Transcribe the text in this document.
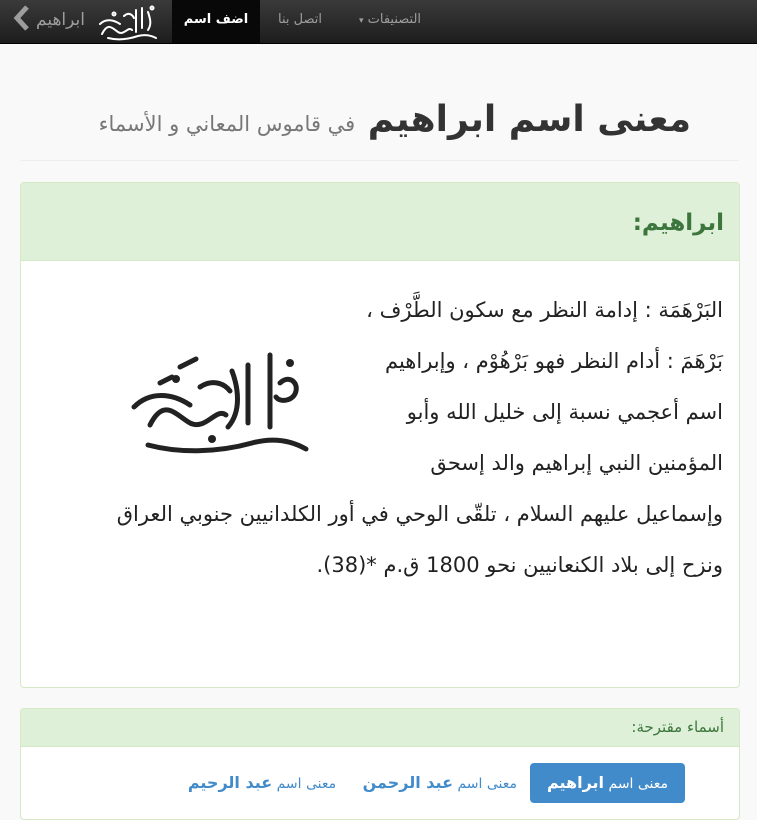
ابراهيم	اضف اسم	اتصل بنا	التصنيفات ▾
معنى اسم ابراهيم في قاموس المعاني و الأسماء
ابراهيم:
البَرْهَمَة : إدامة النظر مع سكون الطَّرْف ، بَرْهَمَ : أدام النظر فهو بَرْهُوْم ، وإبراهيم اسم أعجمي نسبة إلى خليل الله وأبو المؤمنين النبي إبراهيم والد إسحق وإسماعيل عليهم السلام ، تلقّى الوحي في أور الكلدانيين جنوبي العراق ونزح إلى بلاد الكنعانيين نحو 1800 ق.م *(38).
أسماء مقترحة:
معنى اسم ابراهيم
معنى اسم عبد الرحمن
معنى اسم عبد الرحيم
